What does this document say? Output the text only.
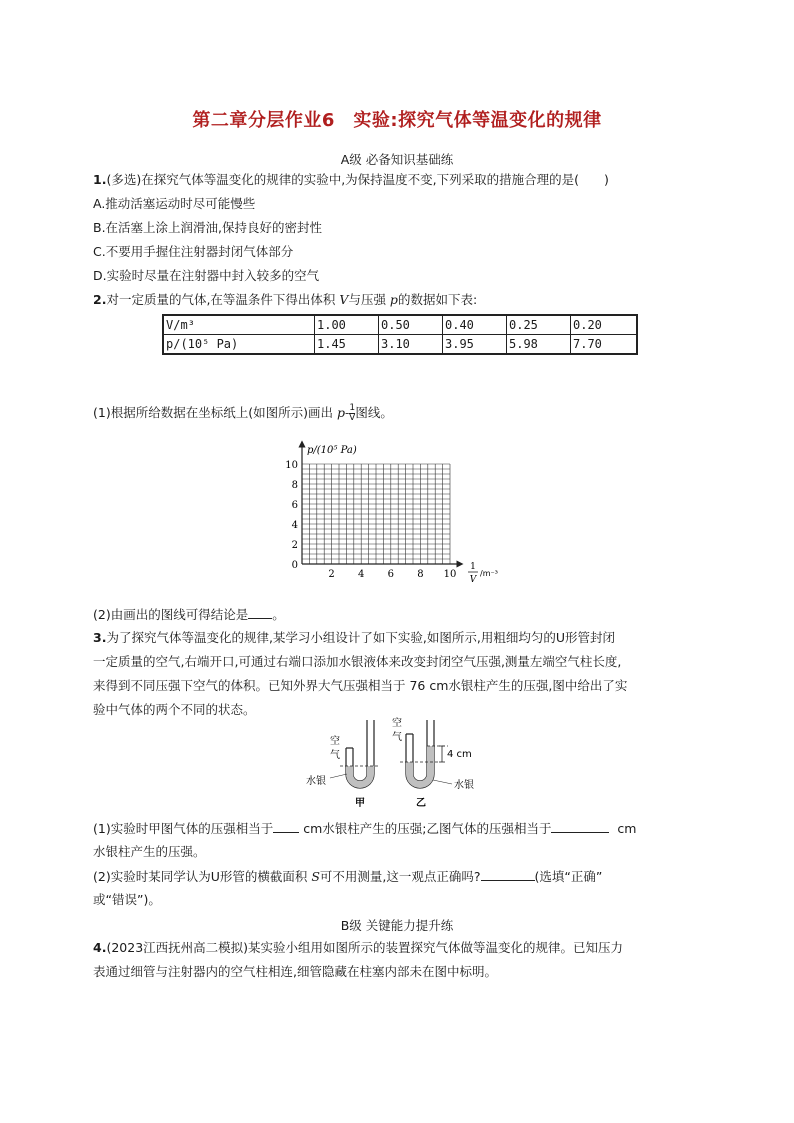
第二章分层作业6　实验:探究气体等温变化的规律
A级 必备知识基础练
1.(多选)在探究气体等温变化的规律的实验中,为保持温度不变,下列采取的措施合理的是(　　)
A.推动活塞运动时尽可能慢些
B.在活塞上涂上润滑油,保持良好的密封性
C.不要用手握住注射器封闭气体部分
D.实验时尽量在注射器中封入较多的空气
2.对一定质量的气体,在等温条件下得出体积 V与压强 p的数据如下表:
V/m³	1.00	0.50	0.40	0.25	0.20
p/(10⁵ Pa)	1.45	3.10	3.95	5.98	7.70
(1)根据所给数据在坐标纸上(如图所示)画出 $p- \frac{1}{V}$ 图线。
p/(10⁵ Pa)
0
2
4
6
8
10
2 4 6 8 10
1
V
/m⁻³
(2)由画出的图线可得结论是 。
3.为了探究气体等温变化的规律,某学习小组设计了如下实验,如图所示,用粗细均匀的U形管封闭
一定质量的空气,右端开口,可通过右端口添加水银液体来改变封闭空气压强,测量左端空气柱长度,
来得到不同压强下空气的体积。已知外界大气压强相当于 76 cm水银柱产生的压强,图中给出了实
验中气体的两个不同的状态。
空
气
水银
甲
4 cm
空
气
水银
乙
(1)实验时甲图气体的压强相当于 cm水银柱产生的压强;乙图气体的压强相当于	cm
水银柱产生的压强。
(2)实验时某同学认为U形管的横截面积 S可不用测量,这一观点正确吗?	(选填“正确”
或“错误”)。
B级 关键能力提升练
4.(2023江西抚州高二模拟)某实验小组用如图所示的装置探究气体做等温变化的规律。已知压力
表通过细管与注射器内的空气柱相连,细管隐藏在柱塞内部未在图中标明。
